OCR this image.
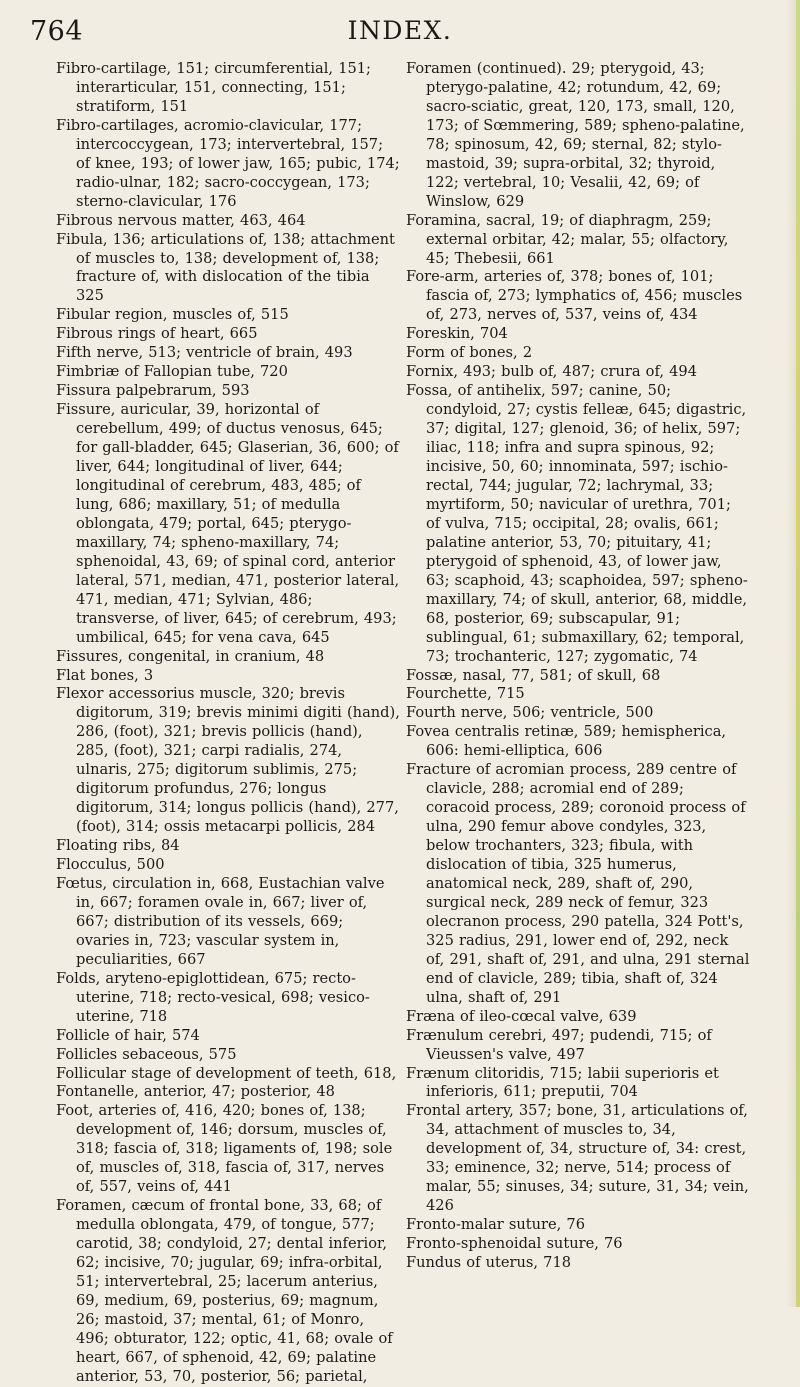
764	INDEX.

Fibro-cartilage, 151; circumferential, 151; interarticular, 151, connecting, 151; stratiform, 151

Fibro-cartilages, acromio-clavicular, 177; intercoccygean, 173; intervertebral, 157; of knee, 193; of lower jaw, 165; pubic, 174; radio-ulnar, 182; sacro-coccygean, 173; sterno-clavicular, 176

Fibrous nervous matter, 463, 464

Fibula, 136; articulations of, 138; attachment of muscles to, 138; development of, 138; fracture of, with dislocation of the tibia 325

Fibular region, muscles of, 515

Fibrous rings of heart, 665

Fifth nerve, 513; ventricle of brain, 493

Fimbriæ of Fallopian tube, 720

Fissura palpebrarum, 593

Fissure, auricular, 39, horizontal of cerebellum, 499; of ductus venosus, 645; for gall-bladder, 645; Glaserian, 36, 600; of liver, 644; longitudinal of liver, 644; longitudinal of cerebrum, 483, 485; of lung, 686; maxillary, 51; of medulla oblongata, 479; portal, 645; pterygo-maxillary, 74; spheno-maxillary, 74; sphenoidal, 43, 69; of spinal cord, anterior lateral, 571, median, 471, posterior lateral, 471, median, 471; Sylvian, 486; transverse, of liver, 645; of cerebrum, 493; umbilical, 645; for vena cava, 645

Fissures, congenital, in cranium, 48

Flat bones, 3

Flexor accessorius muscle, 320; brevis digitorum, 319; brevis minimi digiti (hand), 286, (foot), 321; brevis pollicis (hand), 285, (foot), 321; carpi radialis, 274, ulnaris, 275; digitorum sublimis, 275; digitorum profundus, 276; longus digitorum, 314; longus pollicis (hand), 277, (foot), 314; ossis metacarpi pollicis, 284

Floating ribs, 84

Flocculus, 500

Fœtus, circulation in, 668, Eustachian valve in, 667; foramen ovale in, 667; liver of, 667; distribution of its vessels, 669; ovaries in, 723; vascular system in, peculiarities, 667

Folds, aryteno-epiglottidean, 675; recto-uterine, 718; recto-vesical, 698; vesico-uterine, 718

Follicle of hair, 574

Follicles sebaceous, 575

Follicular stage of development of teeth, 618,

Fontanelle, anterior, 47; posterior, 48

Foot, arteries of, 416, 420; bones of, 138; development of, 146; dorsum, muscles of, 318; fascia of, 318; ligaments of, 198; sole of, muscles of, 318, fascia of, 317, nerves of, 557, veins of, 441

Foramen, cæcum of frontal bone, 33, 68; of medulla oblongata, 479, of tongue, 577; carotid, 38; condyloid, 27; dental inferior, 62; incisive, 70; jugular, 69; infra-orbital, 51; intervertebral, 25; lacerum anterius, 69, medium, 69, posterius, 69; magnum, 26; mastoid, 37; mental, 61; of Monro, 496; obturator, 122; optic, 41, 68; ovale of heart, 667, of sphenoid, 42, 69; palatine anterior, 53, 70, posterior, 56; parietal,

Foramen (continued). 29; pterygoid, 43; pterygo-palatine, 42; rotundum, 42, 69; sacro-sciatic, great, 120, 173, small, 120, 173; of Sœmmering, 589; spheno-palatine, 78; spinosum, 42, 69; sternal, 82; stylo-mastoid, 39; supra-orbital, 32; thyroid, 122; vertebral, 10; Vesalii, 42, 69; of Winslow, 629

Foramina, sacral, 19; of diaphragm, 259; external orbitar, 42; malar, 55; olfactory, 45; Thebesii, 661

Fore-arm, arteries of, 378; bones of, 101; fascia of, 273; lymphatics of, 456; muscles of, 273, nerves of, 537, veins of, 434

Foreskin, 704

Form of bones, 2

Fornix, 493; bulb of, 487; crura of, 494

Fossa, of antihelix, 597; canine, 50; condyloid, 27; cystis felleæ, 645; digastric, 37; digital, 127; glenoid, 36; of helix, 597; iliac, 118; infra and supra spinous, 92; incisive, 50, 60; innominata, 597; ischio-rectal, 744; jugular, 72; lachrymal, 33; myrtiform, 50; navicular of urethra, 701; of vulva, 715; occipital, 28; ovalis, 661; palatine anterior, 53, 70; pituitary, 41; pterygoid of sphenoid, 43, of lower jaw, 63; scaphoid, 43; scaphoidea, 597; spheno-maxillary, 74; of skull, anterior, 68, middle, 68, posterior, 69; subscapular, 91; sublingual, 61; submaxillary, 62; temporal, 73; trochanteric, 127; zygomatic, 74

Fossæ, nasal, 77, 581; of skull, 68

Fourchette, 715

Fourth nerve, 506; ventricle, 500

Fovea centralis retinæ, 589; hemispherica, 606: hemi-elliptica, 606

Fracture of acromian process, 289 centre of clavicle, 288; acromial end of 289; coracoid process, 289; coronoid process of ulna, 290 femur above condyles, 323, below trochanters, 323; fibula, with dislocation of tibia, 325 humerus, anatomical neck, 289, shaft of, 290, surgical neck, 289 neck of femur, 323 olecranon process, 290 patella, 324 Pott's, 325 radius, 291, lower end of, 292, neck of, 291, shaft of, 291, and ulna, 291 sternal end of clavicle, 289; tibia, shaft of, 324 ulna, shaft of, 291

Fræna of ileo-cœcal valve, 639

Frænulum cerebri, 497; pudendi, 715; of Vieussen's valve, 497

Frænum clitoridis, 715; labii superioris et inferioris, 611; preputii, 704

Frontal artery, 357; bone, 31, articulations of, 34, attachment of muscles to, 34, development of, 34, structure of, 34: crest, 33; eminence, 32; nerve, 514; process of malar, 55; sinuses, 34; suture, 31, 34; vein, 426

Fronto-malar suture, 76

Fronto-sphenoidal suture, 76

Fundus of uterus, 718
